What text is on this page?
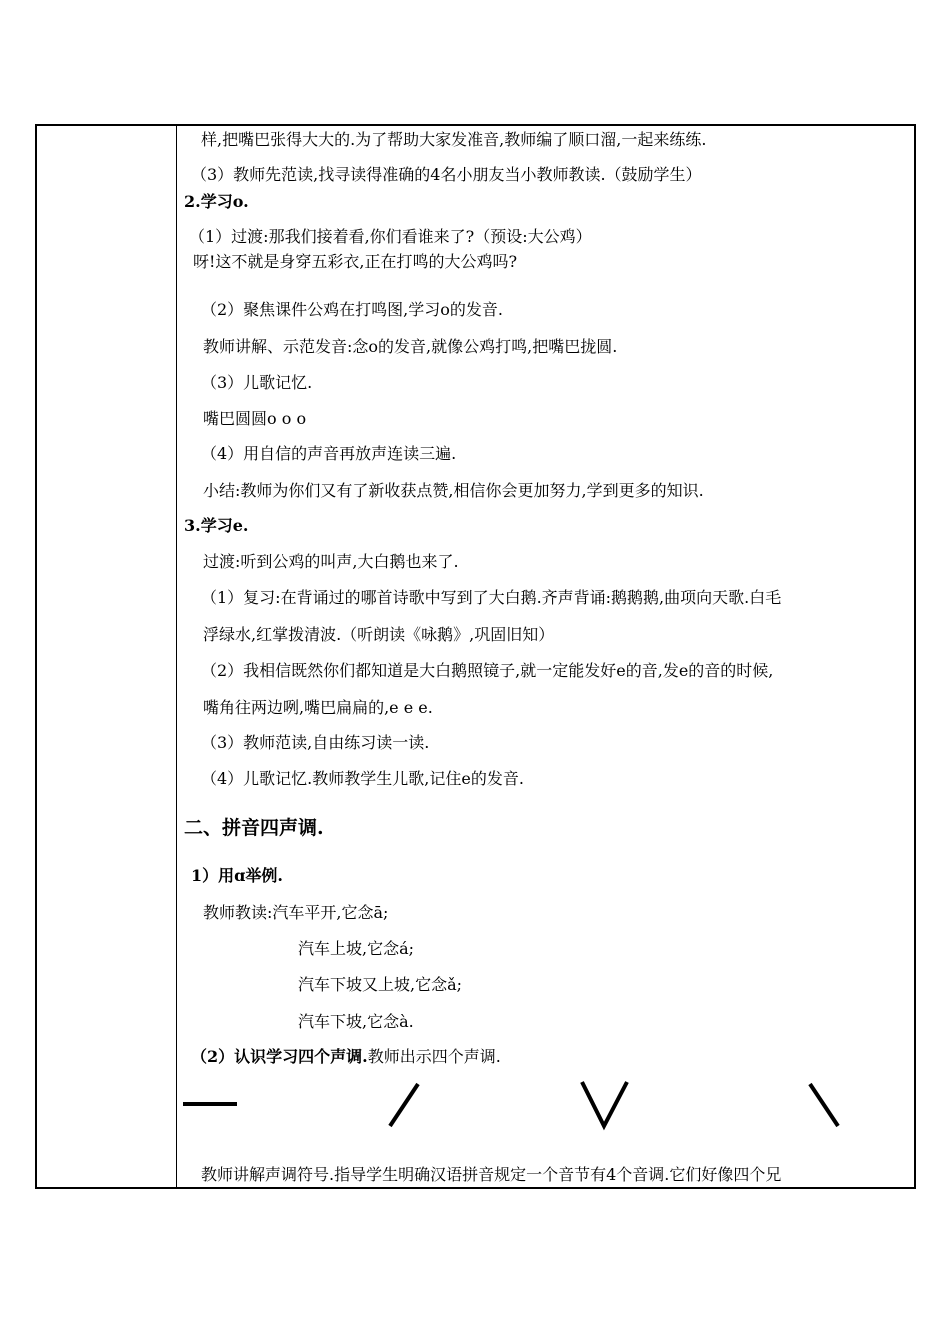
样,把嘴巴张得大大的.为了帮助大家发准音,教师编了顺口溜,一起来练练.
（3）教师先范读,找寻读得准确的4名小朋友当小教师教读.（鼓励学生）
2.学习o.
（1）过渡:那我们接着看,你们看谁来了?（预设:大公鸡）
呀!这不就是身穿五彩衣,正在打鸣的大公鸡吗?
（2）聚焦课件公鸡在打鸣图,学习o的发音.
教师讲解、示范发音:念o的发音,就像公鸡打鸣,把嘴巴拢圆.
（3）儿歌记忆.
嘴巴圆圆o o o
（4）用自信的声音再放声连读三遍.
小结:教师为你们又有了新收获点赞,相信你会更加努力,学到更多的知识.
3.学习e.
过渡:听到公鸡的叫声,大白鹅也来了.
（1）复习:在背诵过的哪首诗歌中写到了大白鹅.齐声背诵:鹅鹅鹅,曲项向天歌.白毛
浮绿水,红掌拨清波.（听朗读《咏鹅》,巩固旧知）
（2）我相信既然你们都知道是大白鹅照镜子,就一定能发好e的音,发e的音的时候,
嘴角往两边咧,嘴巴扁扁的,e e e.
（3）教师范读,自由练习读一读.
（4）儿歌记忆.教师教学生儿歌,记住e的发音.
二、拼音四声调.
1）用ɑ举例.
教师教读:汽车平开,它念ā;
汽车上坡,它念á;
汽车下坡又上坡,它念ǎ;
汽车下坡,它念à.
（2）认识学习四个声调.教师出示四个声调.
教师讲解声调符号.指导学生明确汉语拼音规定一个音节有4个音调.它们好像四个兄
